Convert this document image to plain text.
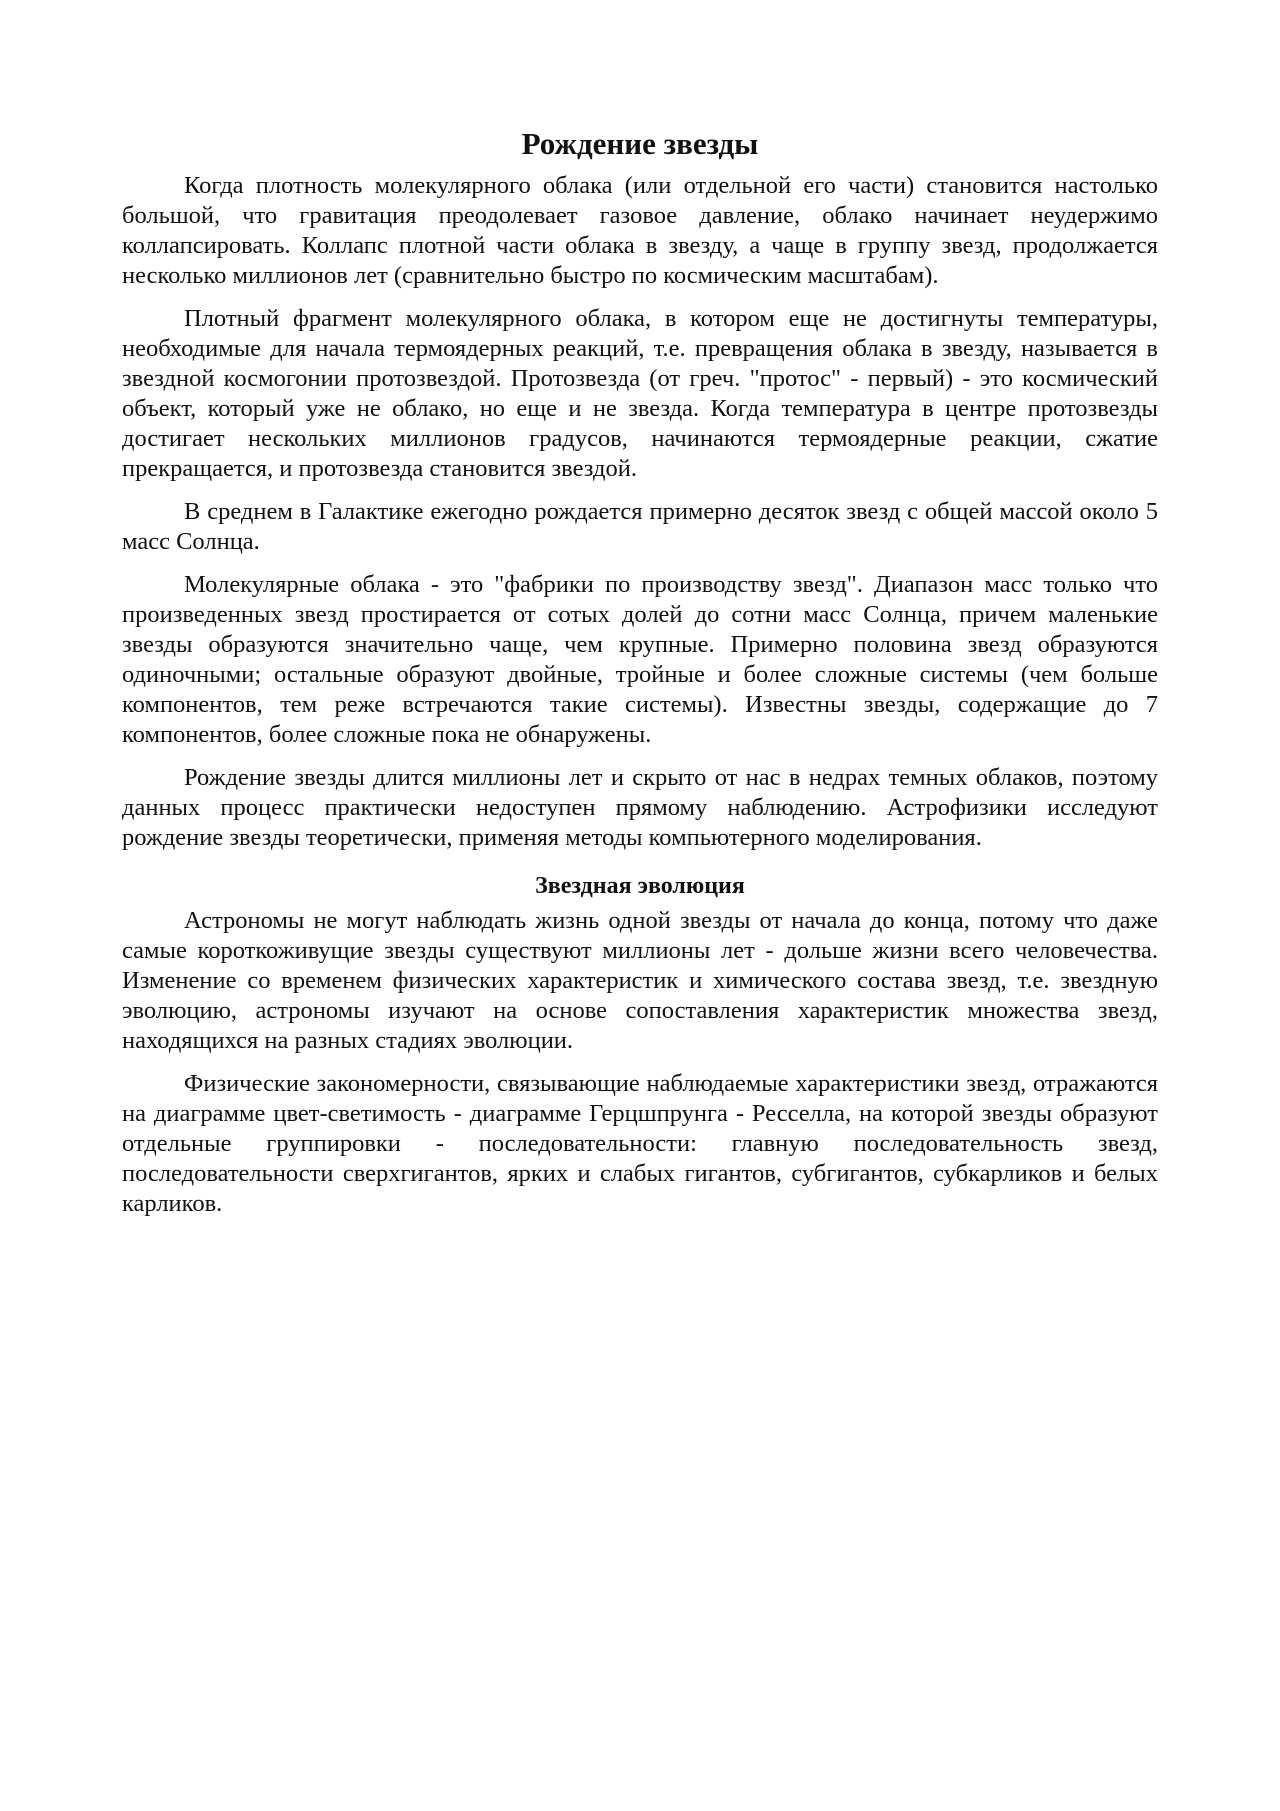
Рождение звезды

Когда плотность молекулярного облака (или отдельной его части) становится настолько большой, что гравитация преодолевает газовое давление, облако начинает неудержимо коллапсировать. Коллапс плотной части облака в звезду, а чаще в группу звезд, продолжается несколько миллионов лет (сравнительно быстро по космическим масштабам).

Плотный фрагмент молекулярного облака, в котором еще не достигнуты температуры, необходимые для начала термоядерных реакций, т.е. превращения облака в звезду, называется в звездной космогонии протозвездой. Протозвезда (от греч. "протос" - первый) - это космический объект, который уже не облако, но еще и не звезда. Когда температура в центре протозвезды достигает нескольких миллионов градусов, начинаются термоядерные реакции, сжатие прекращается, и протозвезда становится звездой.

В среднем в Галактике ежегодно рождается примерно десяток звезд с общей массой около 5 масс Солнца.

Молекулярные облака - это "фабрики по производству звезд". Диапазон масс только что произведенных звезд простирается от сотых долей до сотни масс Солнца, причем маленькие звезды образуются значительно чаще, чем крупные. Примерно половина звезд образуются одиночными; остальные образуют двойные, тройные и более сложные системы (чем больше компонентов, тем реже встречаются такие системы). Известны звезды, содержащие до 7 компонентов, более сложные пока не обнаружены.

Рождение звезды длится миллионы лет и скрыто от нас в недрах темных облаков, поэтому данных процесс практически недоступен прямому наблюдению. Астрофизики исследуют рождение звезды теоретически, применяя методы компьютерного моделирования.

Звездная эволюция

Астрономы не могут наблюдать жизнь одной звезды от начала до конца, потому что даже самые короткоживущие звезды существуют миллионы лет - дольше жизни всего человечества. Изменение со временем физических характеристик и химического состава звезд, т.е. звездную эволюцию, астрономы изучают на основе сопоставления характеристик множества звезд, находящихся на разных стадиях эволюции.

Физические закономерности, связывающие наблюдаемые характеристики звезд, отражаются на диаграмме цвет-светимость - диаграмме Герцшпрунга - Ресселла, на которой звезды образуют отдельные группировки - последовательности: главную последовательность звезд, последовательности сверхгигантов, ярких и слабых гигантов, субгигантов, субкарликов и белых карликов.
